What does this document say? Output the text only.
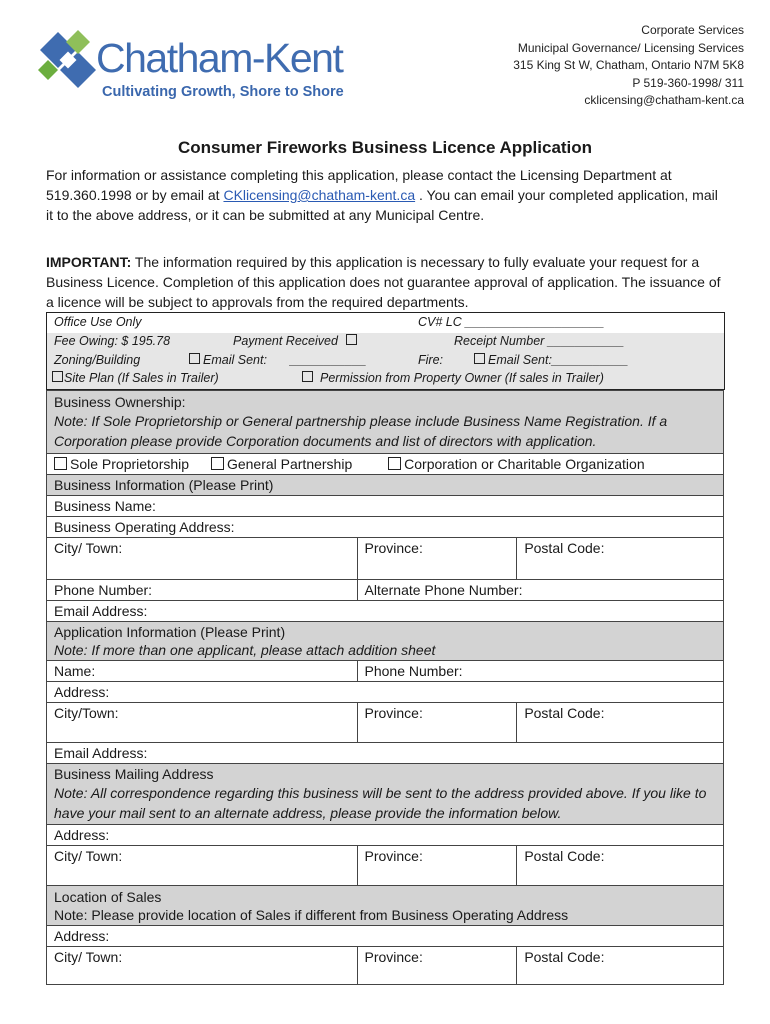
Chatham-Kent
Cultivating Growth, Shore to Shore
Corporate Services
Municipal Governance/ Licensing Services
315 King St W, Chatham, Ontario N7M 5K8
P 519-360-1998/ 311
cklicensing@chatham-kent.ca
Consumer Fireworks Business Licence Application
For information or assistance completing this application, please contact the Licensing Department at 519.360.1998 or by email at CKlicensing@chatham-kent.ca . You can email your completed application, mail it to the above address, or it can be submitted at any Municipal Centre.
IMPORTANT: The information required by this application is necessary to fully evaluate your request for a Business Licence. Completion of this application does not guarantee approval of application. The issuance of a licence will be subject to approvals from the required departments.
Office Use Only	CV# LC ____________________
Fee Owing: $ 195.78	Payment Received	Receipt Number ___________
Zoning/Building	Email Sent: ___________	Fire:	Email Sent:___________
Site Plan (If Sales in Trailer)	Permission from Property Owner (If sales in Trailer)
Business Ownership:
Note: If Sole Proprietorship or General partnership please include Business Name Registration. If a Corporation please provide Corporation documents and list of directors with application.		

Sole Proprietorship General Partnership Corporation or Charitable Organization		
Business Information (Please Print)		
Business Name:		
Business Operating Address:		
City/ Town:	Province:	Postal Code:
Phone Number:	Alternate Phone Number:	
Email Address:		

Application Information (Please Print)
Note: If more than one applicant, please attach addition sheet		

Name:	Phone Number:	
Address:		
City/Town:	Province:	Postal Code:
Email Address:		

Business Mailing Address
Note: All correspondence regarding this business will be sent to the address provided above. If you like to have your mail sent to an alternate address, please provide the information below.		

Address:		
City/ Town:	Province:	Postal Code:

Location of Sales
Note: Please provide location of Sales if different from Business Operating Address		

Address:		
City/ Town:	Province:	Postal Code:
